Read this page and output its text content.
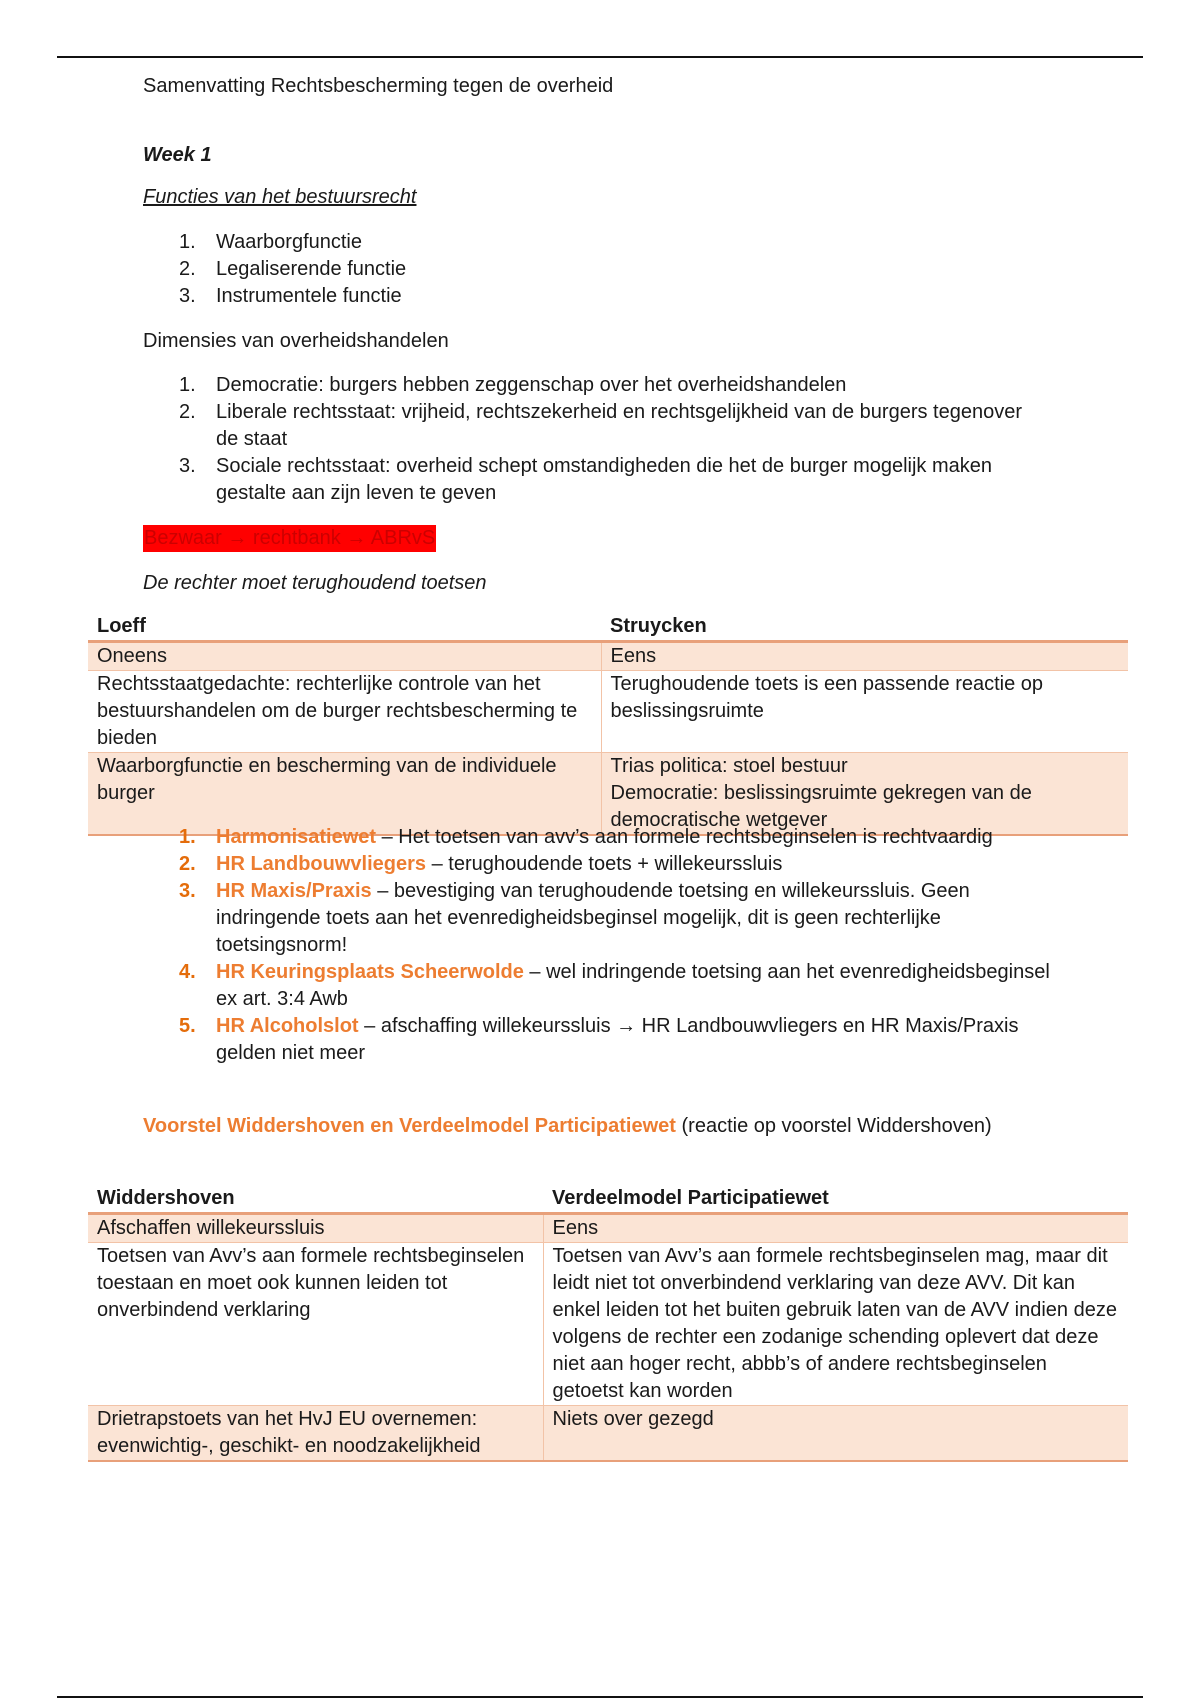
Samenvatting Rechtsbescherming tegen de overheid
Week 1
Functies van het bestuursrecht
1. Waarborgfunctie
2. Legaliserende functie
3. Instrumentele functie
Dimensies van overheidshandelen
1. Democratie: burgers hebben zeggenschap over het overheidshandelen
2. Liberale rechtsstaat: vrijheid, rechtszekerheid en rechtsgelijkheid van de burgers tegenover de staat
3. Sociale rechtsstaat: overheid schept omstandigheden die het de burger mogelijk maken gestalte aan zijn leven te geven
Bezwaar → rechtbank → ABRvS
De rechter moet terughoudend toetsen
Loeff	Struycken
Oneens	Eens
Rechtsstaatgedachte: rechterlijke controle van het bestuurshandelen om de burger rechtsbescherming te bieden	Terughoudende toets is een passende reactie op beslissingsruimte
Waarborgfunctie en bescherming van de individuele burger	Trias politica: stoel bestuur
Democratie: beslissingsruimte gekregen van de democratische wetgever
1. Harmonisatiewet – Het toetsen van avv’s aan formele rechtsbeginselen is rechtvaardig
2. HR Landbouwvliegers – terughoudende toets + willekeurssluis
3. HR Maxis/Praxis – bevestiging van terughoudende toetsing en willekeurssluis. Geen indringende toets aan het evenredigheidsbeginsel mogelijk, dit is geen rechterlijke toetsingsnorm!
4. HR Keuringsplaats Scheerwolde – wel indringende toetsing aan het evenredigheidsbeginsel ex art. 3:4 Awb
5. HR Alcoholslot – afschaffing willekeurssluis → HR Landbouwvliegers en HR Maxis/Praxis gelden niet meer
Voorstel Widdershoven en Verdeelmodel Participatiewet (reactie op voorstel Widdershoven)
Widdershoven	Verdeelmodel Participatiewet
Afschaffen willekeurssluis	Eens
Toetsen van Avv’s aan formele rechtsbeginselen toestaan en moet ook kunnen leiden tot onverbindend verklaring	Toetsen van Avv’s aan formele rechtsbeginselen mag, maar dit leidt niet tot onverbindend verklaring van deze AVV. Dit kan enkel leiden tot het buiten gebruik laten van de AVV indien deze volgens de rechter een zodanige schending oplevert dat deze niet aan hoger recht, abbb’s of andere rechtsbeginselen getoetst kan worden
Drietrapstoets van het HvJ EU overnemen: evenwichtig-, geschikt- en noodzakelijkheid	Niets over gezegd
